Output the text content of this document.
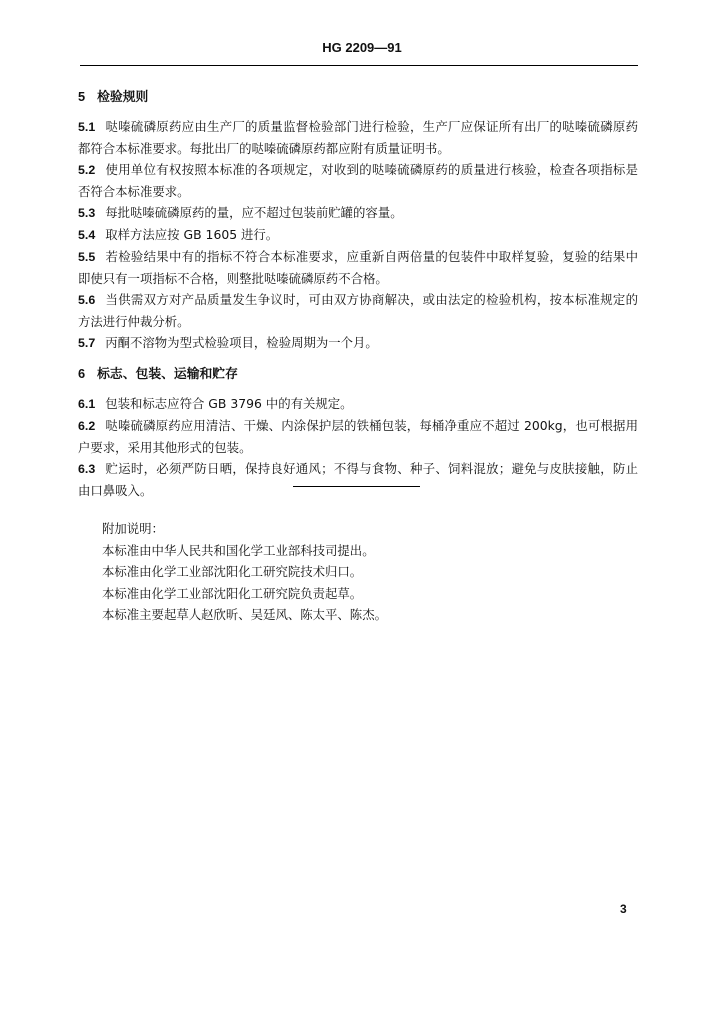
HG 2209—91
5 检验规则

5.1 哒嗪硫磷原药应由生产厂的质量监督检验部门进行检验，生产厂应保证所有出厂的哒嗪硫磷原药都符合本标准要求。每批出厂的哒嗪硫磷原药都应附有质量证明书。

5.2 使用单位有权按照本标准的各项规定，对收到的哒嗪硫磷原药的质量进行核验，检查各项指标是否符合本标准要求。

5.3 每批哒嗪硫磷原药的量，应不超过包装前贮罐的容量。

5.4 取样方法应按 GB 1605 进行。

5.5 若检验结果中有的指标不符合本标准要求，应重新自两倍量的包装件中取样复验，复验的结果中即使只有一项指标不合格，则整批哒嗪硫磷原药不合格。

5.6 当供需双方对产品质量发生争议时，可由双方协商解决，或由法定的检验机构，按本标准规定的方法进行仲裁分析。

5.7 丙酮不溶物为型式检验项目，检验周期为一个月。

6 标志、包装、运输和贮存

6.1 包装和标志应符合 GB 3796 中的有关规定。

6.2 哒嗪硫磷原药应用清洁、干燥、内涂保护层的铁桶包装，每桶净重应不超过 200kg，也可根据用户要求，采用其他形式的包装。

6.3 贮运时，必须严防日晒，保持良好通风；不得与食物、种子、饲料混放；避免与皮肤接触，防止由口鼻吸入。

附加说明：
本标准由中华人民共和国化学工业部科技司提出。
本标准由化学工业部沈阳化工研究院技术归口。
本标准由化学工业部沈阳化工研究院负责起草。
本标准主要起草人赵欣昕、吴廷风、陈太平、陈杰。
3
